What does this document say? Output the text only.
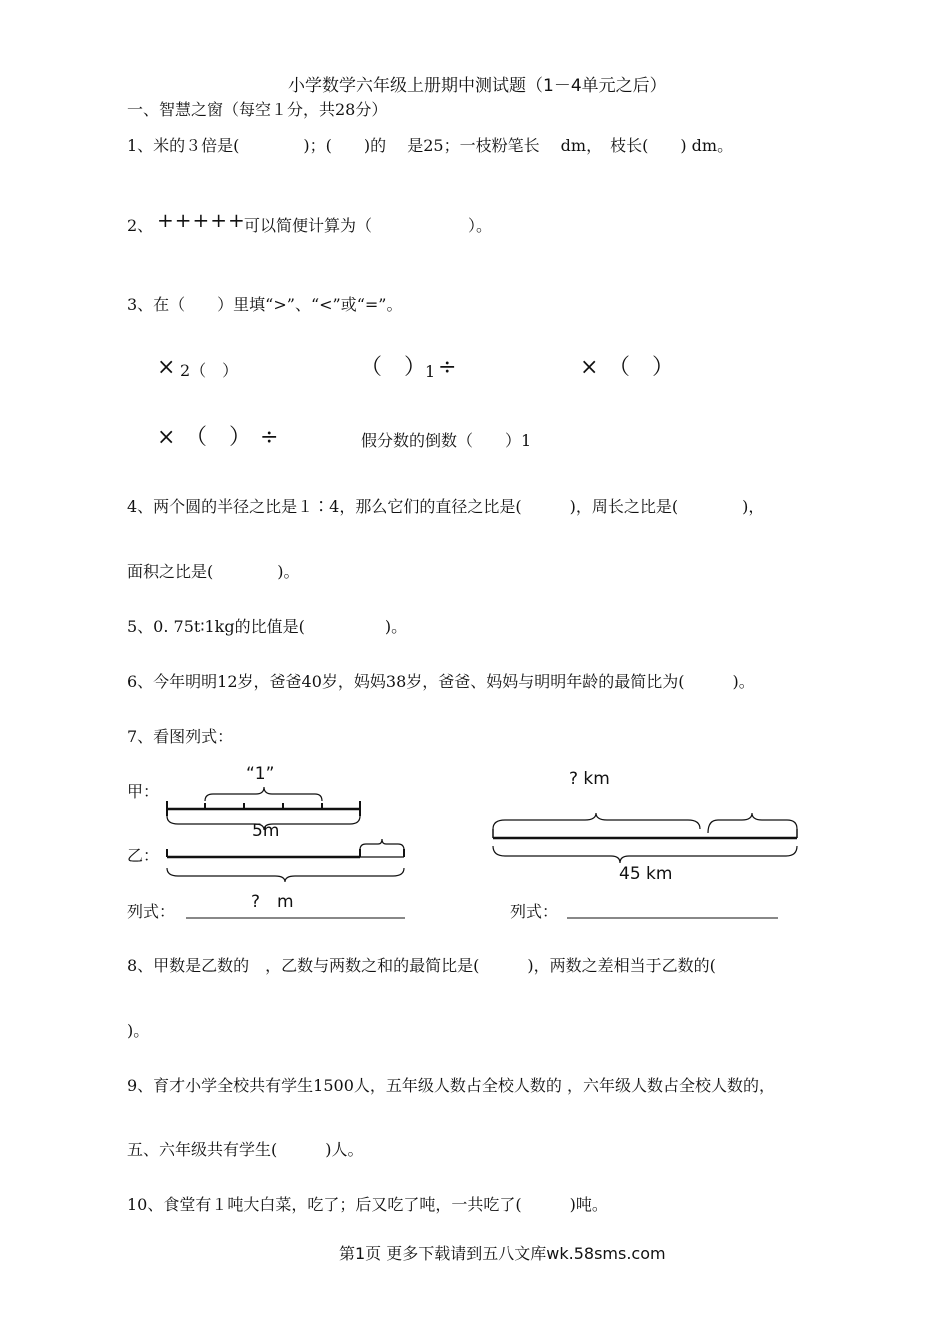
小学数学六年级上册期中测试题（1－4单元之后）
一、智慧之窗（每空１分，共28分）
1、米的３倍是(　　　　)；(　　)的　 是25；一枝粉笔长　 dm，　枝长(　　) dm。
2、 +++++
可以简便计算为（　　　　　　）。
3、在（　　）里填“>”、“<”或“=”。
× 2（　）	（　）
1 ÷	× （　）
× （　） ÷	假分数的倒数（　　）1
4、两个圆的半径之比是１∶4，那么它们的直径之比是(　　　)，周长之比是(　　　　)，
面积之比是(　　　　)。
5、0. 75t∶1kg的比值是(　　　　　)。
6、今年明明12岁，爸爸40岁，妈妈38岁，爸爸、妈妈与明明年龄的最简比为(　　　)。
7、看图列式：
甲：
乙：
“1”
5m
?　m
? km
45 km
列式：	列式：
8、甲数是乙数的　，乙数与两数之和的最简比是(　　　)，两数之差相当于乙数的(
)。
9、育才小学全校共有学生1500人，五年级人数占全校人数的 ，六年级人数占全校人数的，
五、六年级共有学生(　　　)人。
10、食堂有１吨大白菜，吃了；后又吃了吨，一共吃了(　　　)吨。
第1页 更多下载请到五八文库wk.58sms.com
